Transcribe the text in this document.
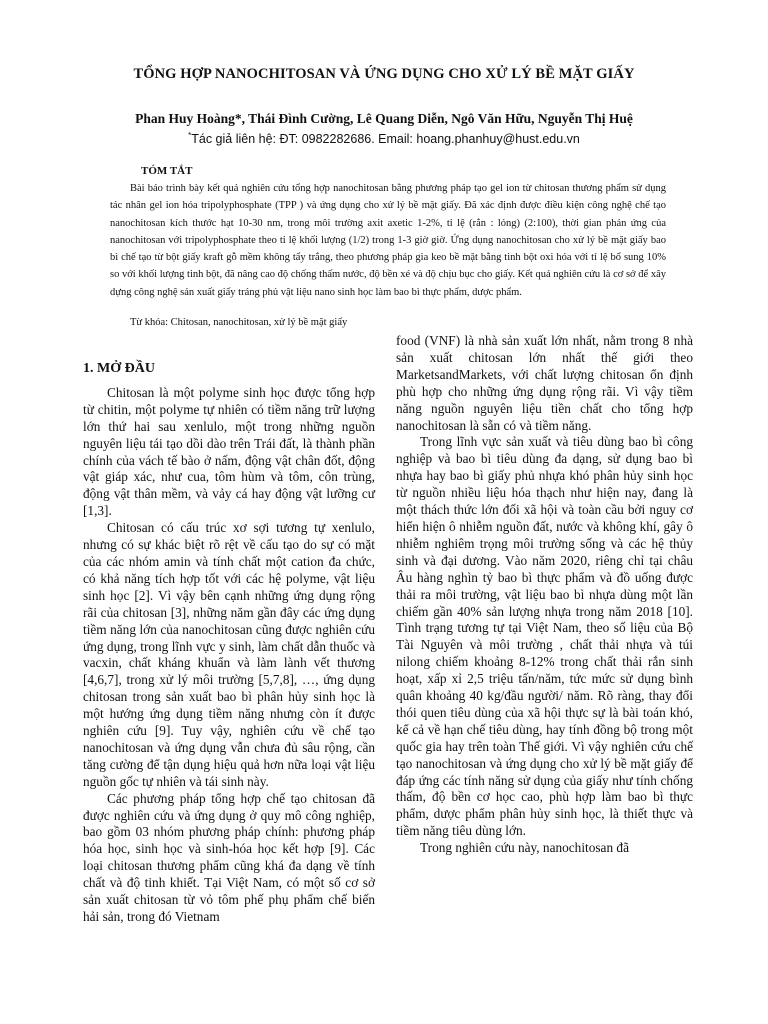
TỔNG HỢP NANOCHITOSAN VÀ ỨNG DỤNG CHO XỬ LÝ BỀ MẶT GIẤY
Phan Huy Hoàng*, Thái Đình Cường, Lê Quang Diễn, Ngô Văn Hữu, Nguyễn Thị Huệ
*Tác giả liên hệ: ĐT: 0982282686. Email: hoang.phanhuy@hust.edu.vn
TÓM TẮT

Bài báo trình bày kết quả nghiên cứu tổng hợp nanochitosan bằng phương pháp tạo gel ion từ chitosan thương phẩm sử dụng tác nhân gel ion hóa tripolyphosphate (TPP ) và ứng dụng cho xử lý bề mặt giấy. Đã xác định được điều kiện công nghệ chế tạo nanochitosan kích thước hạt 10-30 nm, trong môi trường axit axetic 1-2%, tỉ lệ (rắn : lỏng) (2:100), thời gian phản ứng của nanochitosan với tripolyphosphate theo tỉ lệ khối lượng (1/2) trong 1-3 giờ giờ. Ứng dụng nanochitosan cho xử lý bề mặt giấy bao bì chế tạo từ bột giấy kraft gỗ mềm không tẩy trắng, theo phương pháp gia keo bề mặt bằng tinh bột oxi hóa với tỉ lệ bổ sung 10% so với khối lượng tinh bột, đã nâng cao độ chống thấm nước, độ bền xé và độ chịu bục cho giấy. Kết quả nghiên cứu là cơ sở để xây dựng công nghệ sản xuất giấy tráng phủ vật liệu nano sinh học làm bao bì thực phẩm, dược phẩm.

Từ khóa: Chitosan, nanochitosan, xử lý bề mặt giấy

1. MỞ ĐẦU

Chitosan là một polyme sinh học được tổng hợp từ chitin, một polyme tự nhiên có tiềm năng trữ lượng lớn thứ hai sau xenlulo, một trong những nguồn nguyên liệu tái tạo dồi dào trên Trái đất, là thành phần chính của vách tế bào ở nấm, động vật chân đốt, động vật giáp xác, như cua, tôm hùm và tôm, côn trùng, động vật thân mềm, và vảy cá hay động vật lưỡng cư [1,3].

Chitosan có cấu trúc xơ sợi tương tự xenlulo, nhưng có sự khác biệt rõ rệt về cấu tạo do sự có mặt của các nhóm amin và tính chất một cation đa chức, có khả năng tích hợp tốt với các hệ polyme, vật liệu sinh học [2]. Vì vậy bên cạnh những ứng dụng rộng rãi của chitosan [3], những năm gần đây các ứng dụng tiềm năng lớn của nanochitosan cũng được nghiên cứu ứng dụng, trong lĩnh vực y sinh, làm chất dẫn thuốc và vacxin, chất kháng khuẩn và làm lành vết thương [4,6,7], trong xử lý môi trường [5,7,8], …, ứng dụng chitosan trong sản xuất bao bì phân hủy sinh học là một hướng ứng dụng tiềm năng nhưng còn ít được nghiên cứu [9]. Tuy vậy, nghiên cứu về chế tạo nanochitosan và ứng dụng vẫn chưa đủ sâu rộng, cần tăng cường để tận dụng hiệu quả hơn nữa loại vật liệu nguồn gốc tự nhiên và tái sinh này.

Các phương pháp tổng hợp chế tạo chitosan đã được nghiên cứu và ứng dụng ở quy mô công nghiệp, bao gồm 03 nhóm phương pháp chính: phương pháp hóa học, sinh học và sinh-hóa học kết hợp [9]. Các loại chitosan thương phẩm cũng khá đa dạng về tính chất và độ tinh khiết. Tại Việt Nam, có một số cơ sở sản xuất chitosan từ vỏ tôm phế phụ phẩm chế biến hải sản, trong đó Vietnam

food (VNF) là nhà sản xuất lớn nhất, nằm trong 8 nhà sản xuất chitosan lớn nhất thế giới theo MarketsandMarkets, với chất lượng chitosan ổn định phù hợp cho những ứng dụng rộng rãi. Vì vậy tiềm năng nguồn nguyên liệu tiền chất cho tổng hợp nanochitosan là sẵn có và tiềm năng.

Trong lĩnh vực sản xuất và tiêu dùng bao bì công nghiệp và bao bì tiêu dùng đa dạng, sử dụng bao bì nhựa hay bao bì giấy phủ nhựa khó phân hủy sinh học từ nguồn nhiều liệu hóa thạch như hiện nay, đang là một thách thức lớn đối xã hội và toàn cầu bởi nguy cơ hiển hiện ô nhiễm nguồn đất, nước và không khí, gây ô nhiễm nghiêm trọng môi trường sống và các hệ thủy sinh và đại dương. Vào năm 2020, riêng chỉ tại châu Âu hàng nghìn tỷ bao bì thực phẩm và đồ uống được thải ra môi trường, vật liệu bao bì nhựa dùng một lần chiếm gần 40% sản lượng nhựa trong năm 2018 [10]. Tình trạng tương tự tại Việt Nam, theo số liệu của Bộ Tài Nguyên và môi trường , chất thải nhựa và túi nilong chiếm khoảng 8-12% trong chất thải rắn sinh hoạt, xấp xỉ 2,5 triệu tấn/năm, tức mức sử dụng bình quân khoảng 40 kg/đầu người/ năm. Rõ ràng, thay đổi thói quen tiêu dùng của xã hội thực sự là bài toán khó, kể cả về hạn chế tiêu dùng, hay tính đồng bộ trong một quốc gia hay trên toàn Thế giới. Vì vậy nghiên cứu chế tạo nanochitosan và ứng dụng cho xử lý bề mặt giấy để đáp ứng các tính năng sử dụng của giấy như tính chống thấm, độ bền cơ học cao, phù hợp làm bao bì thực phẩm, dược phẩm phân hủy sinh học, là thiết thực và tiềm năng tiêu dùng lớn.

Trong nghiên cứu này, nanochitosan đã
